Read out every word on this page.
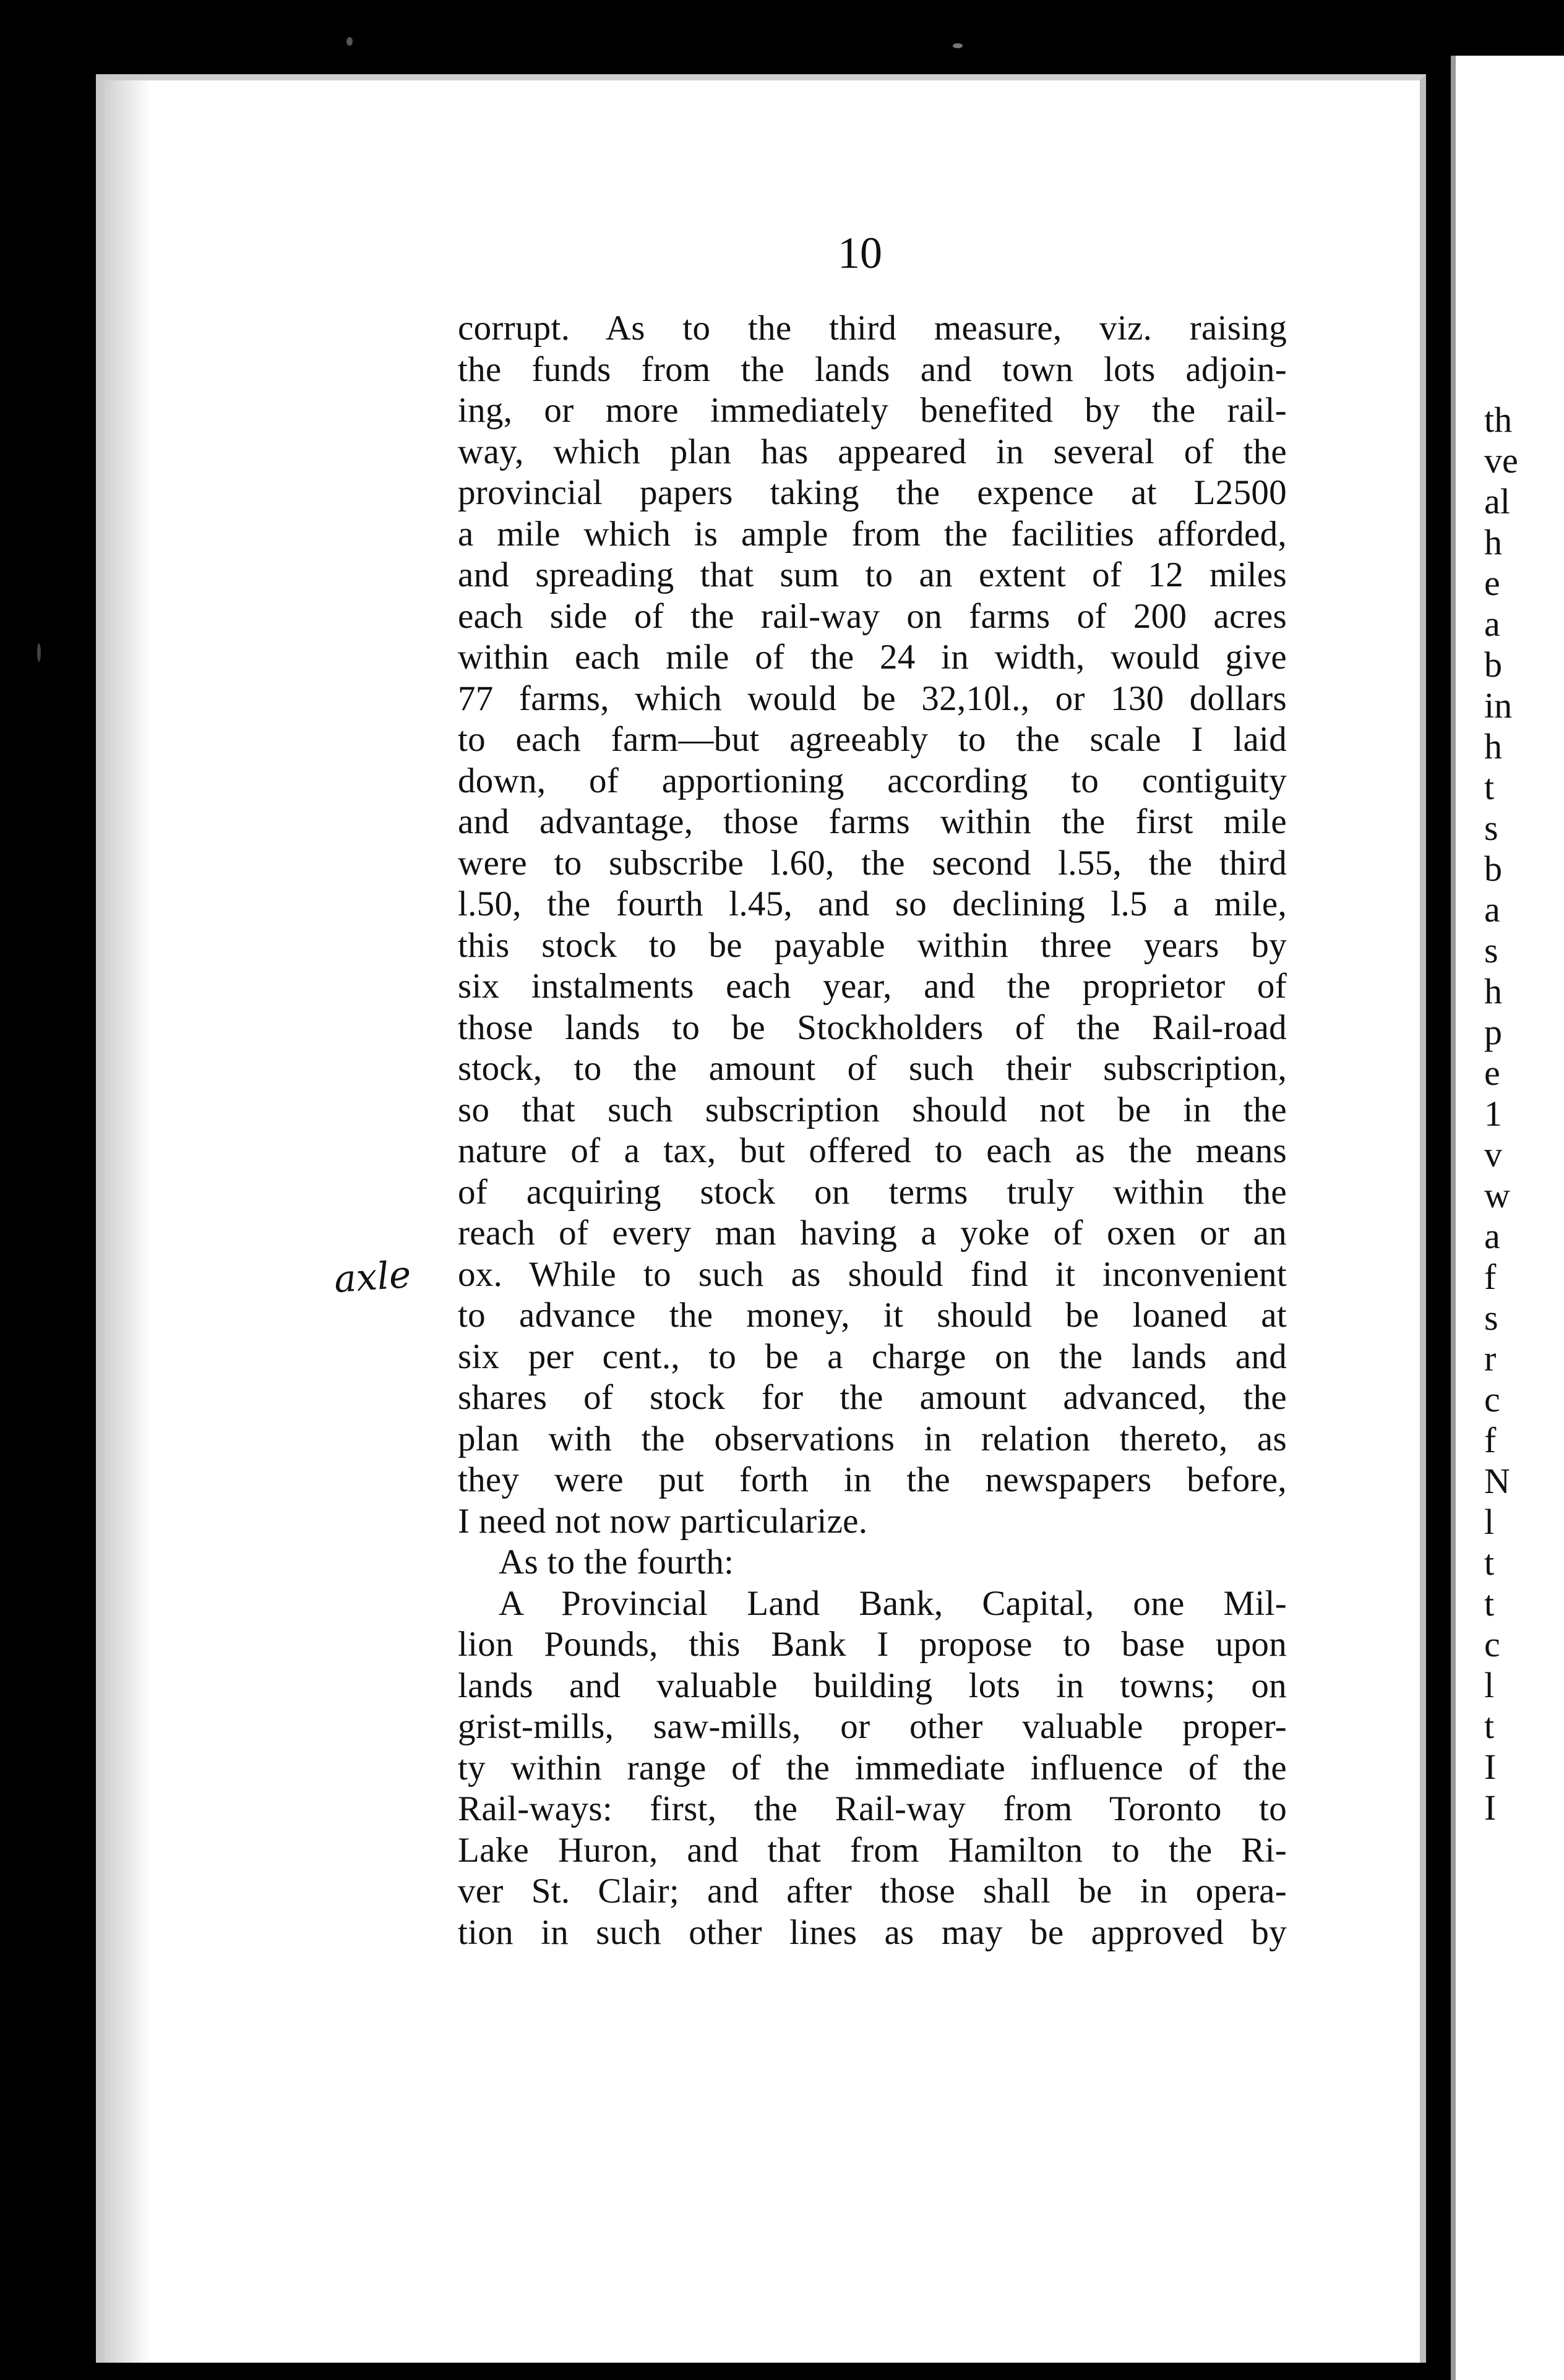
10
axle
corrupt. As to the third measure, viz. raising
the funds from the lands and town lots adjoin-
ing, or more immediately benefited by the rail-
way, which plan has appeared in several of the
provincial papers taking the expence at L2500
a mile which is ample from the facilities afforded,
and spreading that sum to an extent of 12 miles
each side of the rail-way on farms of 200 acres
within each mile of the 24 in width, would give
77 farms, which would be 32,10l., or 130 dollars
to each farm—but agreeably to the scale I laid
down, of apportioning according to contiguity
and advantage, those farms within the first mile
were to subscribe l.60, the second l.55, the third
l.50, the fourth l.45, and so declining l.5 a mile,
this stock to be payable within three years by
six instalments each year, and the proprietor of
those lands to be Stockholders of the Rail-road
stock, to the amount of such their subscription,
so that such subscription should not be in the
nature of a tax, but offered to each as the means
of acquiring stock on terms truly within the
reach of every man having a yoke of oxen or an
ox. While to such as should find it inconvenient
to advance the money, it should be loaned at
six per cent., to be a charge on the lands and
shares of stock for the amount advanced, the
plan with the observations in relation thereto, as
they were put forth in the newspapers before,
I need not now particularize.
As to the fourth:
A Provincial Land Bank, Capital, one Mil-
lion Pounds, this Bank I propose to base upon
lands and valuable building lots in towns; on
grist-mills, saw-mills, or other valuable proper-
ty within range of the immediate influence of the
Rail-ways: first, the Rail-way from Toronto to
Lake Huron, and that from Hamilton to the Ri-
ver St. Clair; and after those shall be in opera-
tion in such other lines as may be approved by
th
ve
al
h
e
a
b
in
h
t
s
b
a
s
h
p
e
1
v
w
a
f
s
r
c
f
N
l
t
t
c
l
t
I
I
